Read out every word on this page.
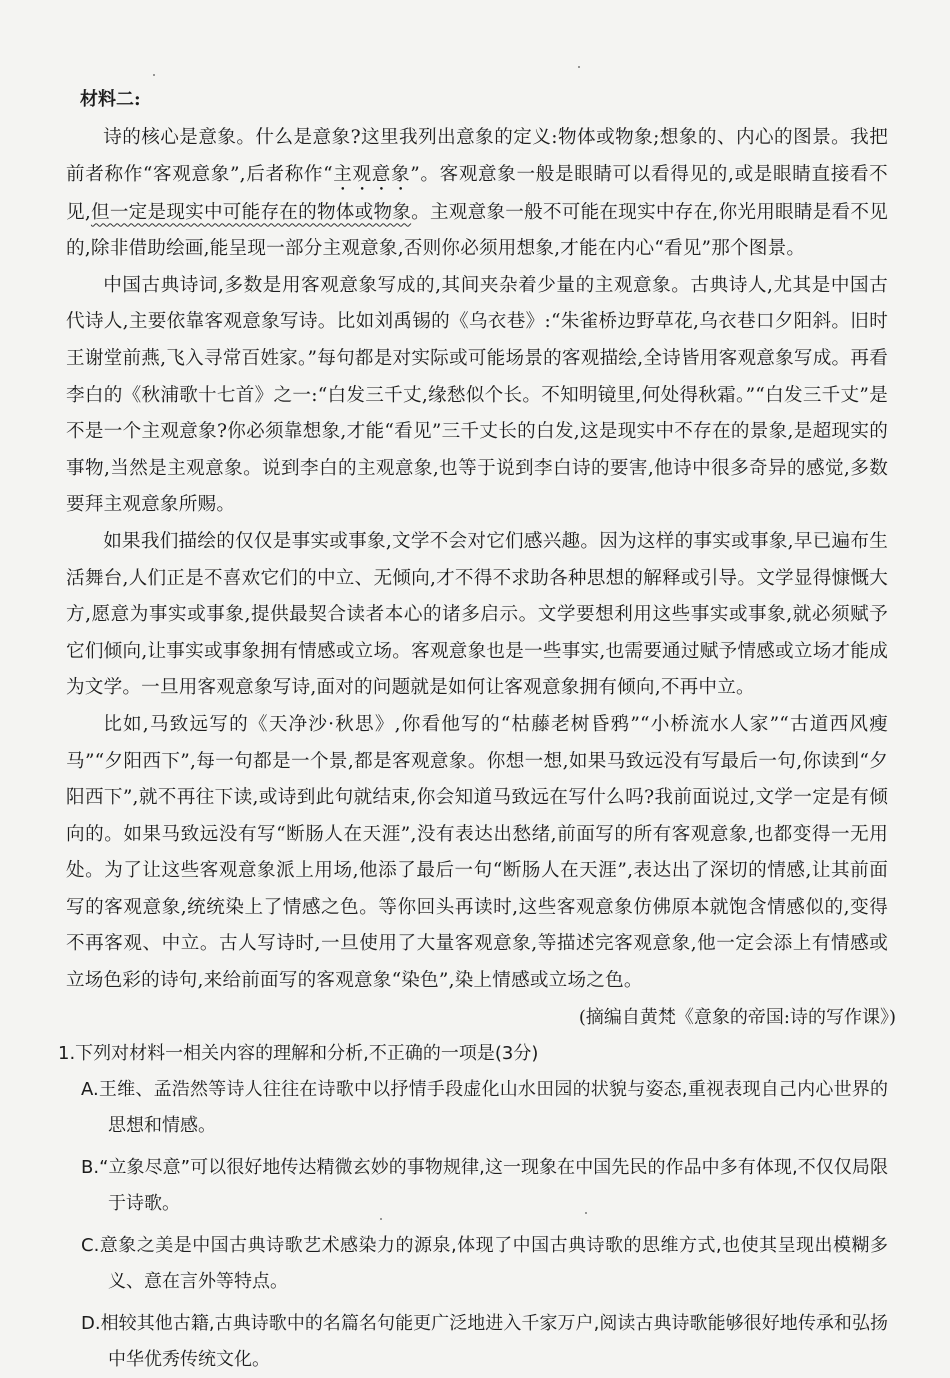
材料二:

诗的核心是意象。什么是意象?这里我列出意象的定义:物体或物象;想象的、内心的图景。我把前者称作“客观意象”,后者称作“主观意象”。客观意象一般是眼睛可以看得见的,或是眼睛直接看不见,但一定是现实中可能存在的物体或物象。主观意象一般不可能在现实中存在,你光用眼睛是看不见的,除非借助绘画,能呈现一部分主观意象,否则你必须用想象,才能在内心“看见”那个图景。

中国古典诗词,多数是用客观意象写成的,其间夹杂着少量的主观意象。古典诗人,尤其是中国古代诗人,主要依靠客观意象写诗。比如刘禹锡的《乌衣巷》:“朱雀桥边野草花,乌衣巷口夕阳斜。旧时王谢堂前燕,飞入寻常百姓家。”每句都是对实际或可能场景的客观描绘,全诗皆用客观意象写成。再看李白的《秋浦歌十七首》之一:“白发三千丈,缘愁似个长。不知明镜里,何处得秋霜。”“白发三千丈”是不是一个主观意象?你必须靠想象,才能“看见”三千丈长的白发,这是现实中不存在的景象,是超现实的事物,当然是主观意象。说到李白的主观意象,也等于说到李白诗的要害,他诗中很多奇异的感觉,多数要拜主观意象所赐。

如果我们描绘的仅仅是事实或事象,文学不会对它们感兴趣。因为这样的事实或事象,早已遍布生活舞台,人们正是不喜欢它们的中立、无倾向,才不得不求助各种思想的解释或引导。文学显得慷慨大方,愿意为事实或事象,提供最契合读者本心的诸多启示。文学要想利用这些事实或事象,就必须赋予它们倾向,让事实或事象拥有情感或立场。客观意象也是一些事实,也需要通过赋予情感或立场才能成为文学。一旦用客观意象写诗,面对的问题就是如何让客观意象拥有倾向,不再中立。

比如,马致远写的《天净沙·秋思》,你看他写的“枯藤老树昏鸦”“小桥流水人家”“古道西风瘦马”“夕阳西下”,每一句都是一个景,都是客观意象。你想一想,如果马致远没有写最后一句,你读到“夕阳西下”,就不再往下读,或诗到此句就结束,你会知道马致远在写什么吗?我前面说过,文学一定是有倾向的。如果马致远没有写“断肠人在天涯”,没有表达出愁绪,前面写的所有客观意象,也都变得一无用处。为了让这些客观意象派上用场,他添了最后一句“断肠人在天涯”,表达出了深切的情感,让其前面写的客观意象,统统染上了情感之色。等你回头再读时,这些客观意象仿佛原本就饱含情感似的,变得不再客观、中立。古人写诗时,一旦使用了大量客观意象,等描述完客观意象,他一定会添上有情感或立场色彩的诗句,来给前面写的客观意象“染色”,染上情感或立场之色。

(摘编自黄梵《意象的帝国:诗的写作课》)
1.下列对材料一相关内容的理解和分析,不正确的一项是(3分)
A.王维、孟浩然等诗人往往在诗歌中以抒情手段虚化山水田园的状貌与姿态,重视表现自己内心世界的思想和情感。
B.“立象尽意”可以很好地传达精微玄妙的事物规律,这一现象在中国先民的作品中多有体现,不仅仅局限于诗歌。
C.意象之美是中国古典诗歌艺术感染力的源泉,体现了中国古典诗歌的思维方式,也使其呈现出模糊多义、意在言外等特点。
D.相较其他古籍,古典诗歌中的名篇名句能更广泛地进入千家万户,阅读古典诗歌能够很好地传承和弘扬中华优秀传统文化。
